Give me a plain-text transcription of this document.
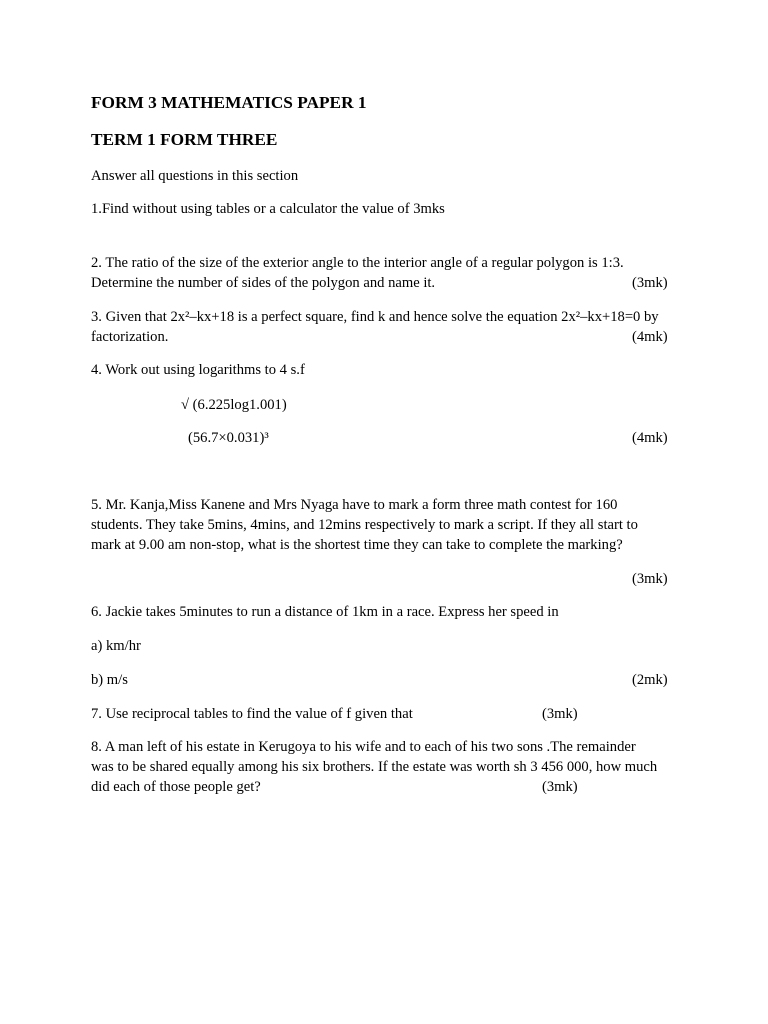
FORM 3 MATHEMATICS PAPER 1
TERM 1 FORM THREE
Answer all questions in this section
1.Find without using tables or a calculator the value of 3mks
2. The ratio of the size of the exterior angle to the interior angle of a regular polygon is 1:3.
Determine the number of sides of the polygon and name it.	(3mk)
3. Given that 2x²–kx+18 is a perfect square, find k and hence solve the equation 2x²–kx+18=0 by
factorization.	(4mk)
4. Work out using logarithms to 4 s.f
√ (6.225log1.001)
(56.7×0.031)³	(4mk)
5. Mr. Kanja,Miss Kanene and Mrs Nyaga have to mark a form three math contest for 160
students. They take 5mins, 4mins, and 12mins respectively to mark a script. If they all start to
mark at 9.00 am non-stop, what is the shortest time they can take to complete the marking?
(3mk)
6. Jackie takes 5minutes to run a distance of 1km in a race. Express her speed in
a) km/hr
b) m/s	(2mk)
7. Use reciprocal tables to find the value of f given that	(3mk)
8. A man left of his estate in Kerugoya to his wife and to each of his two sons .The remainder
was to be shared equally among his six brothers. If the estate was worth sh 3 456 000, how much
did each of those people get?	(3mk)
